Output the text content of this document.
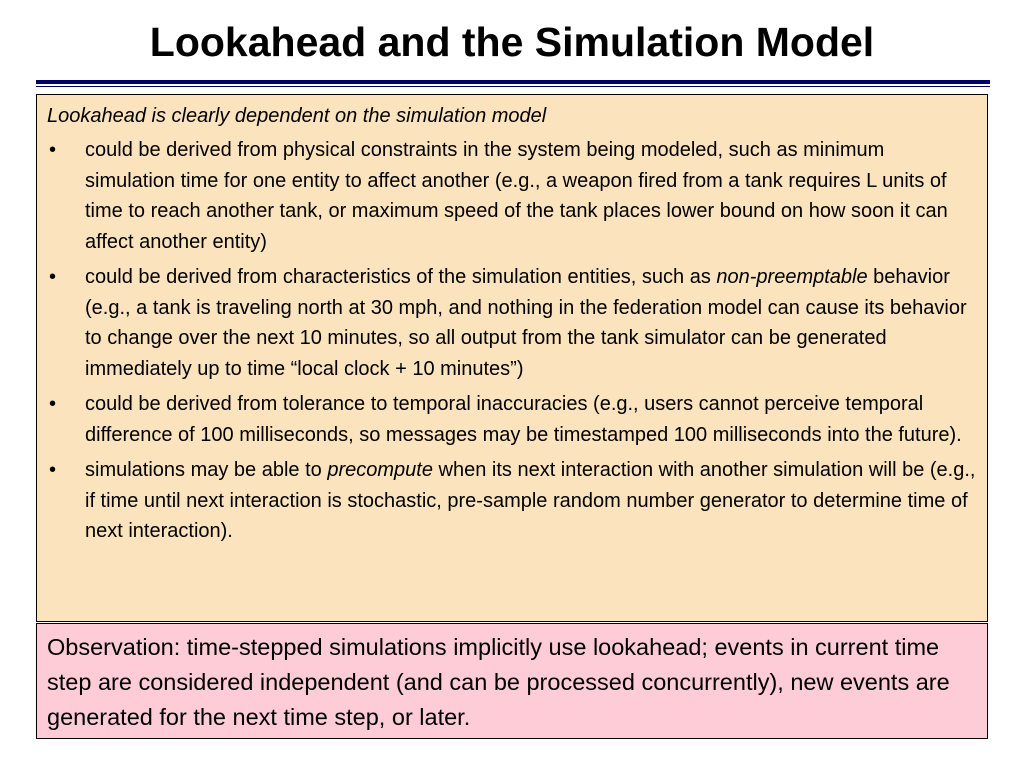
Lookahead and the Simulation Model

Lookahead is clearly dependent on the simulation model

• could be derived from physical constraints in the system being modeled, such as minimum simulation time for one entity to affect another (e.g., a weapon fired from a tank requires L units of time to reach another tank, or maximum speed of the tank places lower bound on how soon it can affect another entity)
• could be derived from characteristics of the simulation entities, such as non-preemptable behavior (e.g., a tank is traveling north at 30 mph, and nothing in the federation model can cause its behavior to change over the next 10 minutes, so all output from the tank simulator can be generated immediately up to time “local clock + 10 minutes”)
• could be derived from tolerance to temporal inaccuracies (e.g., users cannot perceive temporal difference of 100 milliseconds, so messages may be timestamped 100 milliseconds into the future).
• simulations may be able to precompute when its next interaction with another simulation will be (e.g., if time until next interaction is stochastic, pre-sample random number generator to determine time of next interaction).
Observation: time-stepped simulations implicitly use lookahead; events in current time step are considered independent (and can be processed concurrently), new events are generated for the next time step, or later.
